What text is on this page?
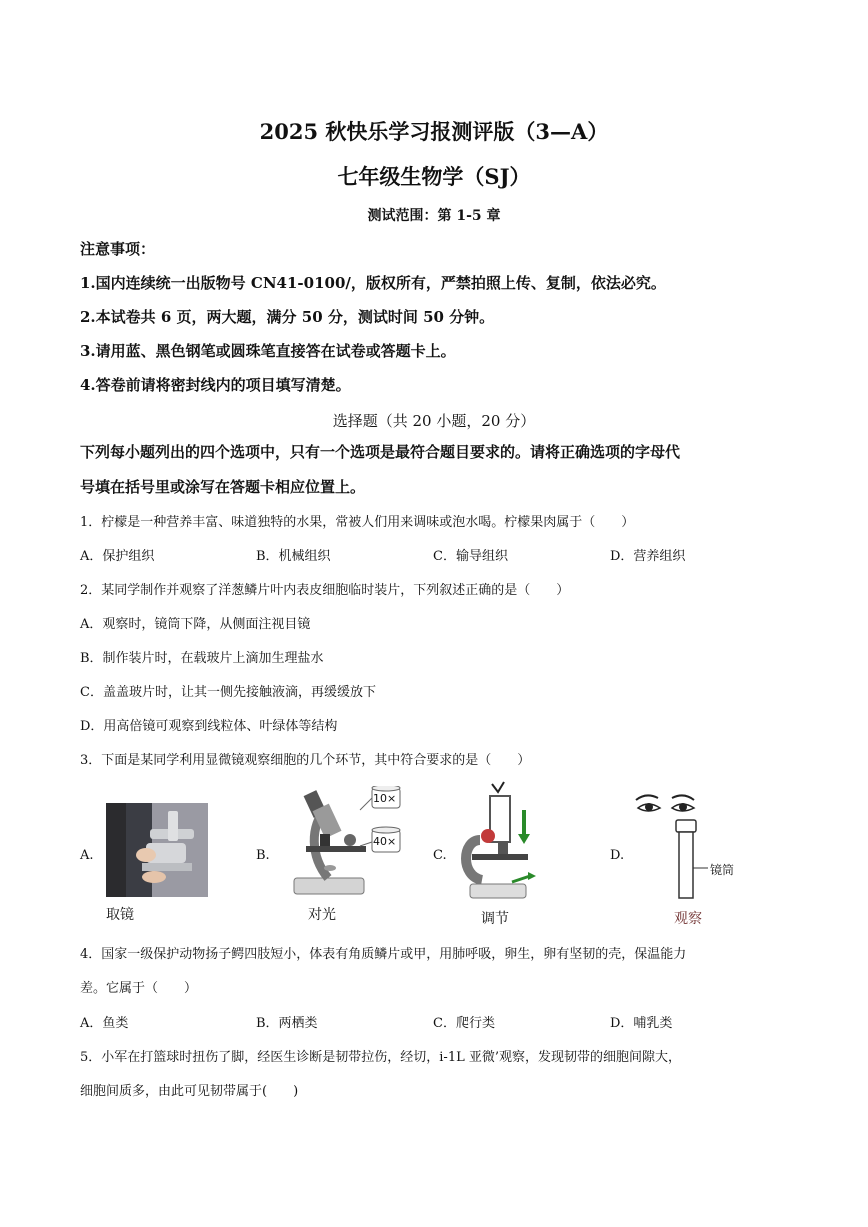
2025 秋快乐学习报测评版（3—A）
七年级生物学（SJ）
测试范围：第 1-5 章
注意事项：
1.国内连续统一出版物号 CN41-0100/，版权所有，严禁拍照上传、复制，依法必究。
2.本试卷共 6 页，两大题，满分 50 分，测试时间 50 分钟。
3.请用蓝、黑色钢笔或圆珠笔直接答在试卷或答题卡上。
4.答卷前请将密封线内的项目填写清楚。
选择题（共 20 小题，20 分）
下列每小题列出的四个选项中，只有一个选项是最符合题目要求的。请将正确选项的字母代
号填在括号里或涂写在答题卡相应位置上。
1．柠檬是一种营养丰富、味道独特的水果，常被人们用来调味或泡水喝。柠檬果肉属于（　　）
A．保护组织	B．机械组织	C．输导组织	D．营养组织
2．某同学制作并观察了洋葱鳞片叶内表皮细胞临时装片，下列叙述正确的是（　　）
A．观察时，镜筒下降，从侧面注视目镜
B．制作装片时，在载玻片上滴加生理盐水
C．盖盖玻片时，让其一侧先接触液滴，再缓缓放下
D．用高倍镜可观察到线粒体、叶绿体等结构
3．下面是某同学利用显微镜观察细胞的几个环节，其中符合要求的是（　　）
A.
取镜
B.
10×
40×
对光
C.
调节
D.
镜筒
观察
4．国家一级保护动物扬子鳄四肢短小，体表有角质鳞片或甲，用肺呼吸，卵生，卵有坚韧的壳，保温能力
差。它属于（　　）
A．鱼类	B．两栖类	C．爬行类	D．哺乳类
5．小军在打篮球时扭伤了脚，经医生诊断是韧带拉伤，经切，i-1L 亚微’观察，发现韧带的细胞间隙大，
细胞间质多，由此可见韧带属于(　　)
